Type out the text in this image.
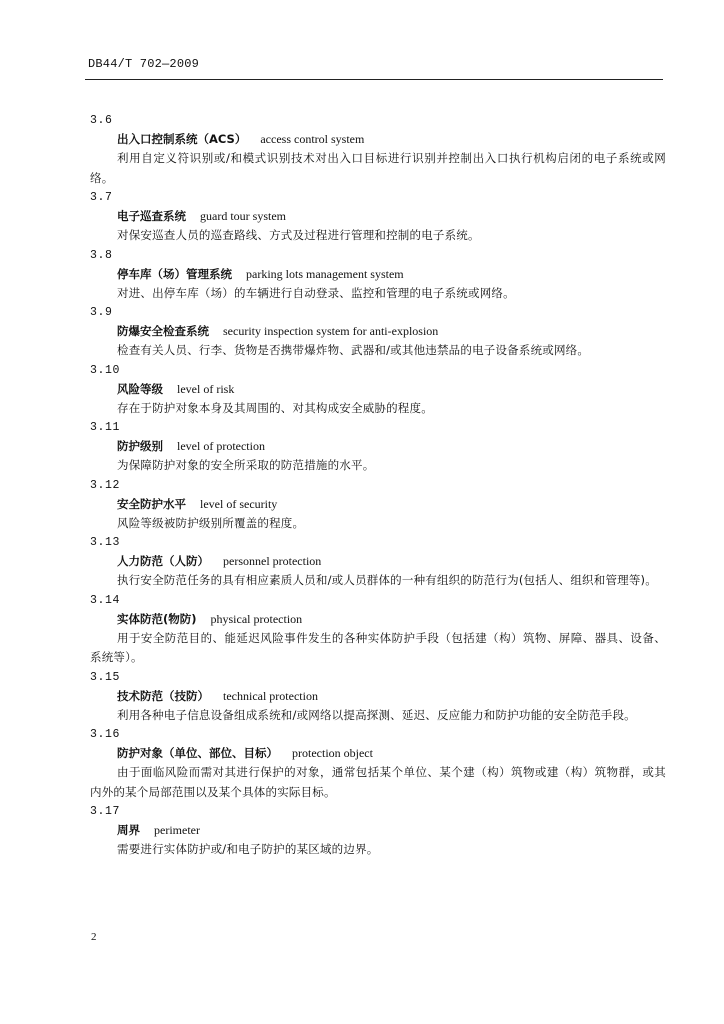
DB44/T 702—2009
3.6
出入口控制系统（ACS） access control system
利用自定义符识别或/和模式识别技术对出入口目标进行识别并控制出入口执行机构启闭的电子系统或网络。
3.7
电子巡查系统 guard tour system
对保安巡查人员的巡查路线、方式及过程进行管理和控制的电子系统。
3.8
停车库（场）管理系统 parking lots management system
对进、出停车库（场）的车辆进行自动登录、监控和管理的电子系统或网络。
3.9
防爆安全检查系统 security inspection system for anti-explosion
检查有关人员、行李、货物是否携带爆炸物、武器和/或其他违禁品的电子设备系统或网络。
3.10
风险等级 level of risk
存在于防护对象本身及其周围的、对其构成安全威胁的程度。
3.11
防护级别 level of protection
为保障防护对象的安全所采取的防范措施的水平。
3.12
安全防护水平 level of security
风险等级被防护级别所覆盖的程度。
3.13
人力防范（人防） personnel protection
执行安全防范任务的具有相应素质人员和/或人员群体的一种有组织的防范行为(包括人、组织和管理等)。
3.14
实体防范(物防) physical protection
用于安全防范目的、能延迟风险事件发生的各种实体防护手段（包括建（构）筑物、屏障、器具、设备、系统等）。
3.15
技术防范（技防） technical protection
利用各种电子信息设备组成系统和/或网络以提高探测、延迟、反应能力和防护功能的安全防范手段。
3.16
防护对象（单位、部位、目标） protection object
由于面临风险而需对其进行保护的对象，通常包括某个单位、某个建（构）筑物或建（构）筑物群，或其内外的某个局部范围以及某个具体的实际目标。
3.17
周界 perimeter
需要进行实体防护或/和电子防护的某区域的边界。
2
